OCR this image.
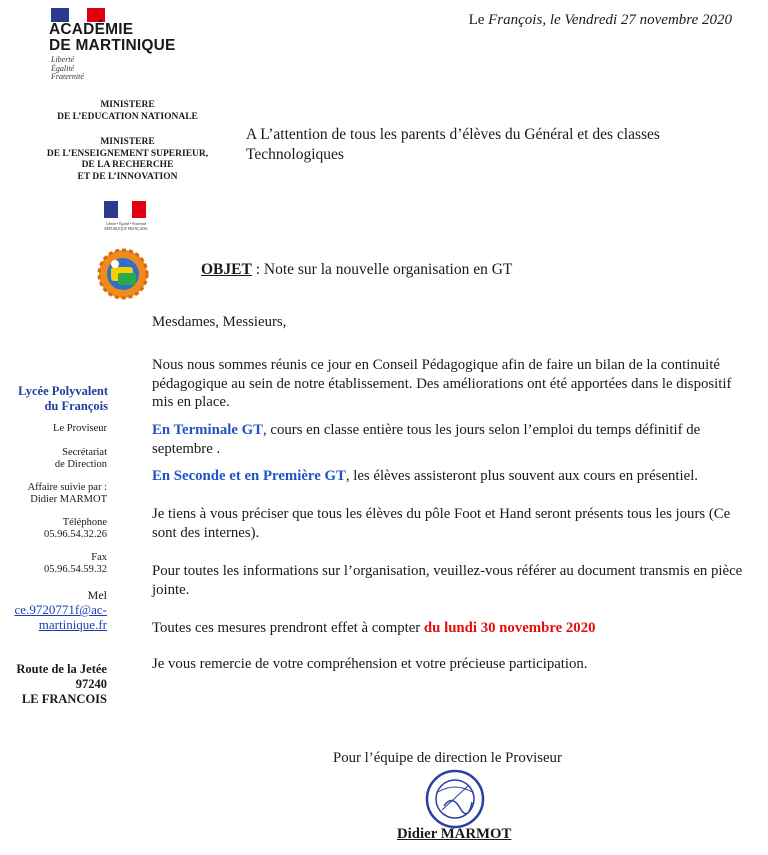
ACADÉMIE
DE MARTINIQUE
Liberté
Égalité
Fraternité
MINISTERE
DE L’EDUCATION NATIONALE
MINISTERE
DE L’ENSEIGNEMENT SUPERIEUR,
DE LA RECHERCHE
ET DE L’INNOVATION
Liberté • Égalité • Fraternité
RÉPUBLIQUE FRANÇAISE
Le François, le Vendredi 27 novembre 2020
A L’attention de tous les parents d’élèves du Général et des classes Technologiques
OBJET : Note sur la nouvelle organisation en GT
Lycée Polyvalent
du François
Le Proviseur
Secrétariat
de Direction
Affaire suivie par :
Didier MARMOT
Téléphone
05.96.54.32.26
Fax
05.96.54.59.32
Mel
ce.9720771f@ac-
martinique.fr
Route de la Jetée
97240
LE FRANCOIS
Mesdames, Messieurs,
Nous nous sommes réunis ce jour en Conseil Pédagogique afin de faire un bilan de la continuité pédagogique au sein de notre établissement. Des améliorations ont été apportées dans le dispositif mis en place.
En Terminale GT, cours en classe entière tous les jours selon l’emploi du temps définitif de septembre .
En Seconde et en Première GT, les élèves assisteront plus souvent aux cours en présentiel.
Je tiens à vous préciser que tous les élèves du pôle Foot et Hand seront présents tous les jours (Ce sont des internes).
Pour toutes les informations sur l’organisation, veuillez-vous référer au document transmis en pièce jointe.
Toutes ces mesures prendront effet à compter du lundi 30 novembre 2020
Je vous remercie de votre compréhension et votre précieuse participation.
Pour l’équipe de direction le Proviseur
Didier MARMOT
